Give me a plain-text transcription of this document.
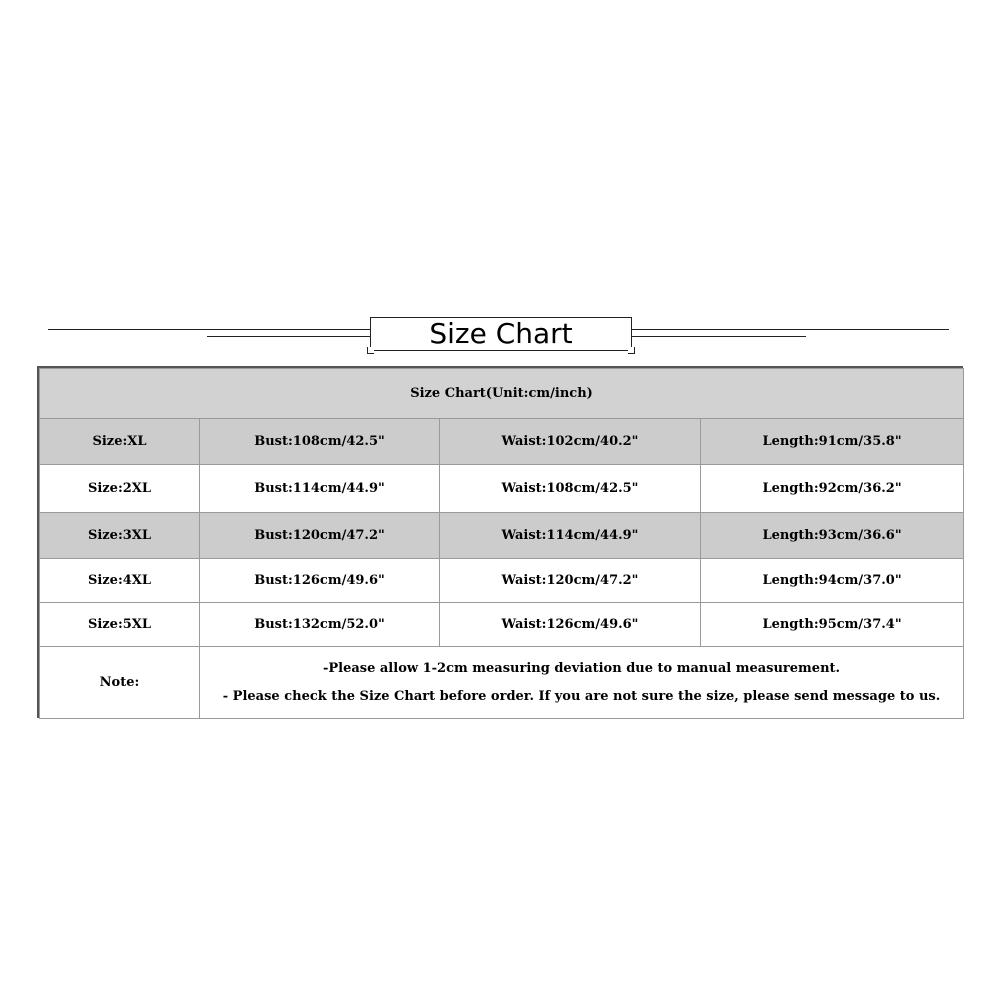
Size Chart
Size Chart(Unit:cm/inch)			
Size:XL	Bust:108cm/42.5"	Waist:102cm/40.2"	Length:91cm/35.8"
Size:2XL	Bust:114cm/44.9"	Waist:108cm/42.5"	Length:92cm/36.2"
Size:3XL	Bust:120cm/47.2"	Waist:114cm/44.9"	Length:93cm/36.6"
Size:4XL	Bust:126cm/49.6"	Waist:120cm/47.2"	Length:94cm/37.0"
Size:5XL	Bust:132cm/52.0"	Waist:126cm/49.6"	Length:95cm/37.4"
Note:	-Please allow 1-2cm measuring deviation due to manual measurement.
- Please check the Size Chart before order. If you are not sure the size, please send message to us.		
